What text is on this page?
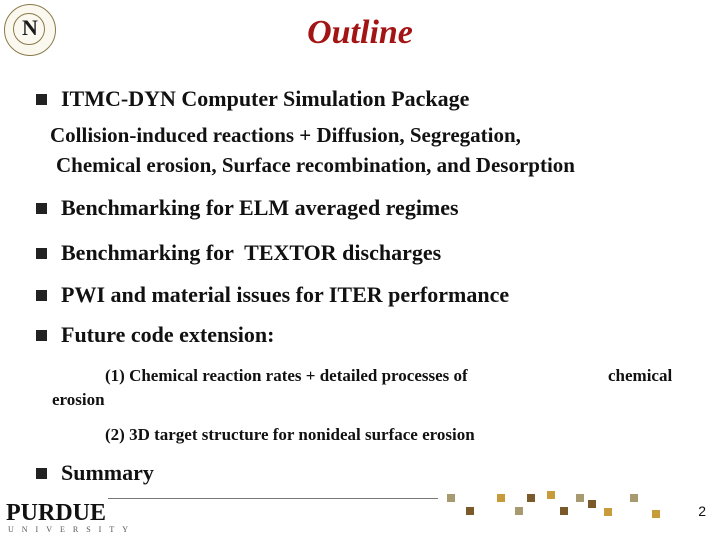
N	Outline
ITMC-DYN Computer Simulation Package
Collision-induced reactions + Diffusion, Segregation,
Chemical erosion, Surface recombination, and Desorption
Benchmarking for ELM averaged regimes
Benchmarking for  TEXTOR discharges
PWI and material issues for ITER performance
Future code extension:
(1) Chemical reaction rates + detailed processes of	chemical
erosion
(2) 3D target structure for nonideal surface erosion
Summary
PURDUE
UNIVERSITY
2
